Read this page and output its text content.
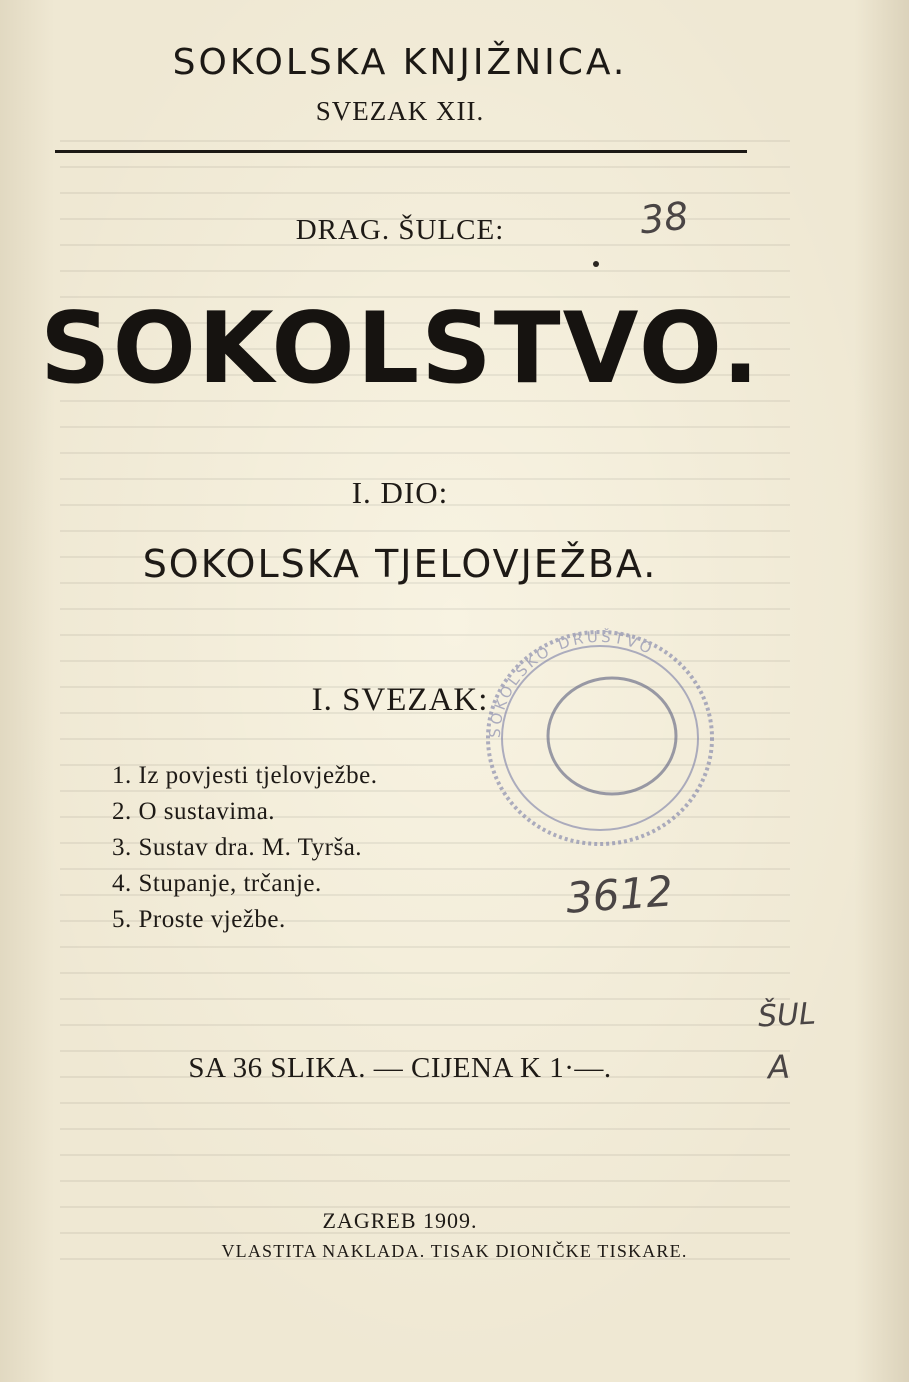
SOKOLSKA KNJIŽNICA.
SVEZAK XII.
DRAG. ŠULCE:
SOKOLSTVO.
I. DIO:
SOKOLSKA TJELOVJEŽBA.
I. SVEZAK:
1. Iz povjesti tjelovježbe.
2. O sustavima.
3. Sustav dra. M. Tyrša.
4. Stupanje, trčanje.
5. Proste vježbe.
SA 36 SLIKA. — CIJENA K 1·—.
ZAGREB 1909.
VLASTITA NAKLADA. TISAK DIONIČKE TISKARE.
SOKOLSKO DRUŠTVO
38
3612
ŠUL
A
